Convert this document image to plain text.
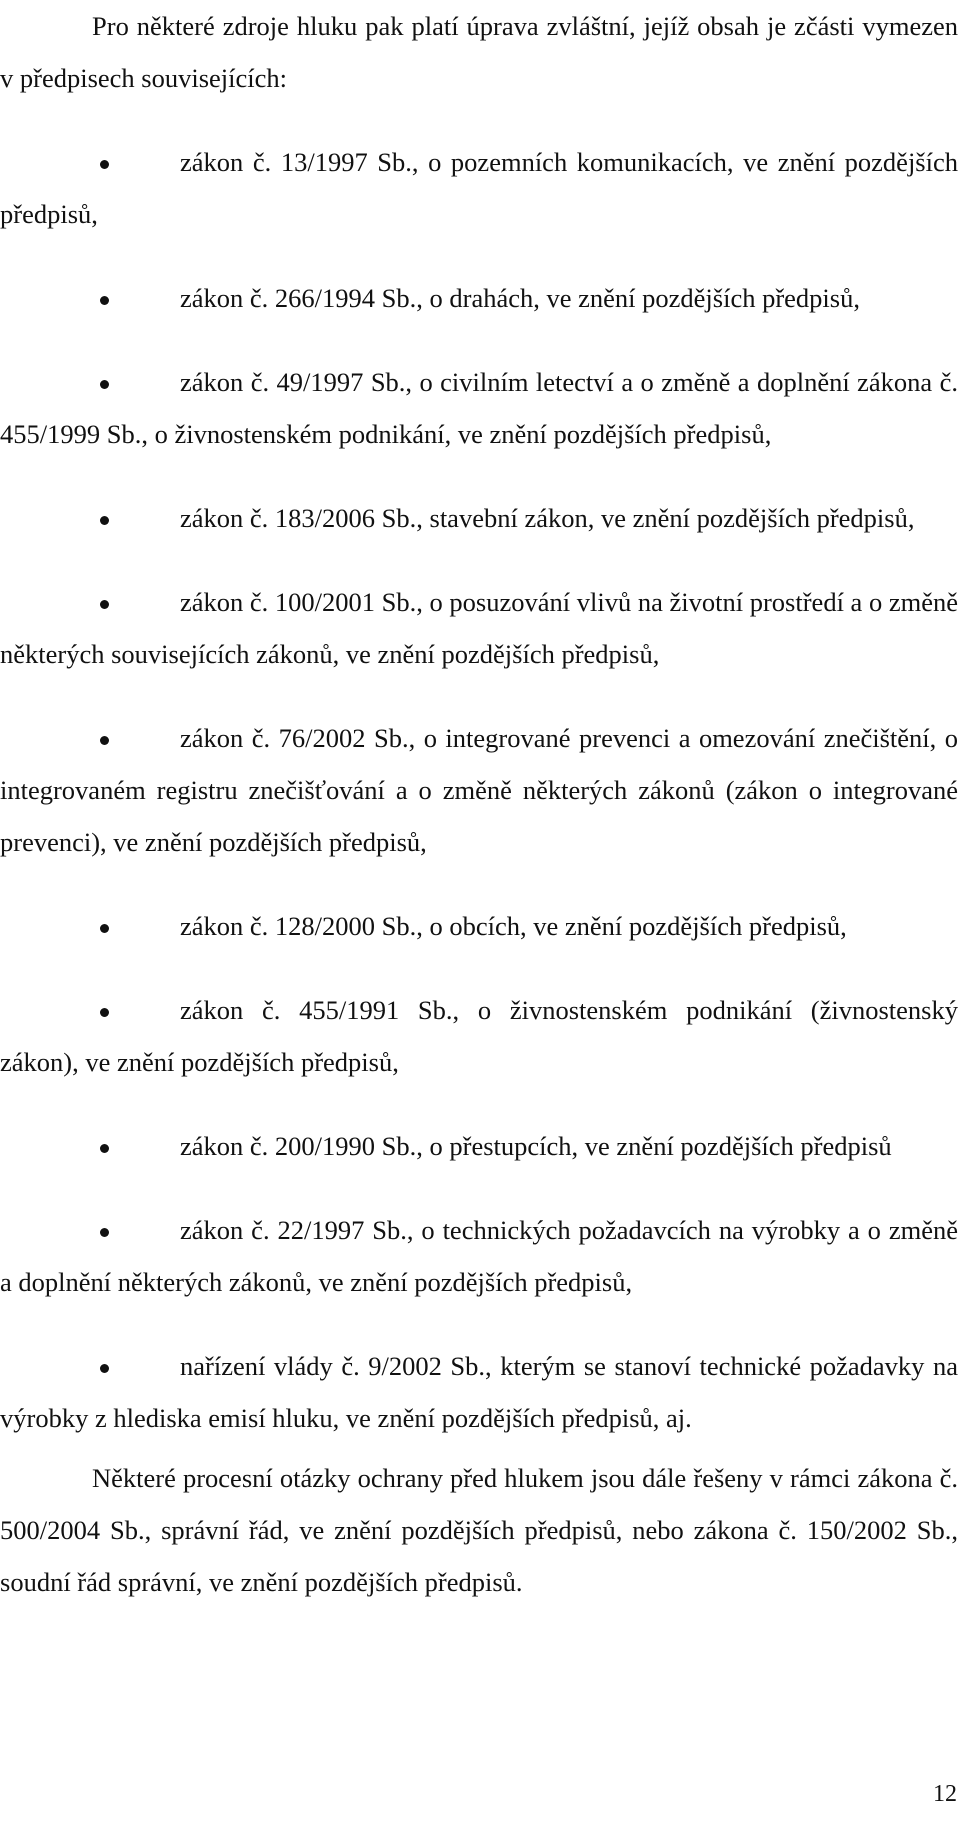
Pro některé zdroje hluku pak platí úprava zvláštní, jejíž obsah je zčásti vymezen v předpisech souvisejících:

zákon č. 13/1997 Sb., o pozemních komunikacích, ve znění pozdějších předpisů,

zákon č. 266/1994 Sb., o drahách, ve znění pozdějších předpisů,

zákon č. 49/1997 Sb., o civilním letectví a o změně a doplnění zákona č. 455/1999 Sb., o živnostenském podnikání, ve znění pozdějších předpisů,

zákon č. 183/2006 Sb., stavební zákon, ve znění pozdějších předpisů,

zákon č. 100/2001 Sb., o posuzování vlivů na životní prostředí a o změně některých souvisejících zákonů, ve znění pozdějších předpisů,

zákon č. 76/2002 Sb., o integrované prevenci a omezování znečištění, o integrovaném registru znečišťování a o změně některých zákonů (zákon o integrované prevenci), ve znění pozdějších předpisů,

zákon č. 128/2000 Sb., o obcích, ve znění pozdějších předpisů,

zákon č. 455/1991 Sb., o živnostenském podnikání (živnostenský zákon), ve znění pozdějších předpisů,

zákon č. 200/1990 Sb., o přestupcích, ve znění pozdějších předpisů

zákon č. 22/1997 Sb., o technických požadavcích na výrobky a o změně a doplnění některých zákonů, ve znění pozdějších předpisů,

nařízení vlády č. 9/2002 Sb., kterým se stanoví technické požadavky na výrobky z hlediska emisí hluku, ve znění pozdějších předpisů, aj.

Některé procesní otázky ochrany před hlukem jsou dále řešeny v rámci zákona č. 500/2004 Sb., správní řád, ve znění pozdějších předpisů, nebo zákona č. 150/2002 Sb., soudní řád správní, ve znění pozdějších předpisů.

12
